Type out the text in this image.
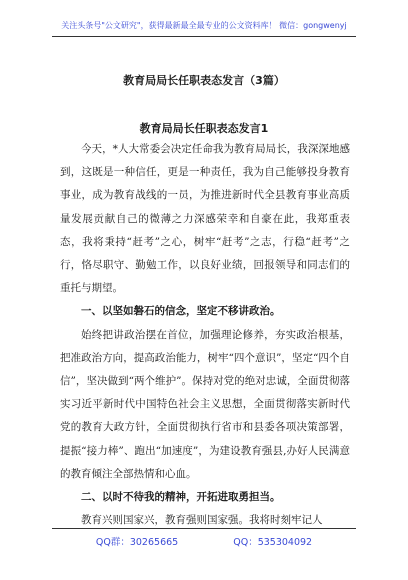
关注头条号"公文研究"，获得最新最全最专业的公文资料库！ 微信：gongwenyj
教育局局长任职表态发言（3篇）
教育局局长任职表态发言1

今天，*人大常委会决定任命我为教育局局长，我深深地感到，这既是一种信任，更是一种责任，我为自己能够投身教育事业，成为教育战线的一员，为推进新时代全县教育事业高质量发展贡献自己的微薄之力深感荣幸和自豪在此，我郑重表态，我将秉持“赶考”之心，树牢“赶考”之志，行稳“赶考”之行，恪尽职守、勤勉工作，以良好业绩，回报领导和同志们的重托与期望。

一、以坚如磐石的信念，坚定不移讲政治。

始终把讲政治摆在首位，加强理论修养，夯实政治根基，把准政治方向，提高政治能力，树牢“四个意识”，坚定“四个自信”，坚决做到“两个维护”。保持对党的绝对忠诚，全面贯彻落实习近平新时代中国特色社会主义思想，全面贯彻落实新时代党的教育大政方针，全面贯彻执行省市和县委各项决策部署，提振“接力棒”、跑出“加速度”，为建设教育强县,办好人民满意的教育倾注全部热情和心血。

二、以时不待我的精神，开拓进取勇担当。

教育兴则国家兴，教育强则国家强。我将时刻牢记人

QQ群：30265665	QQ：535304092
